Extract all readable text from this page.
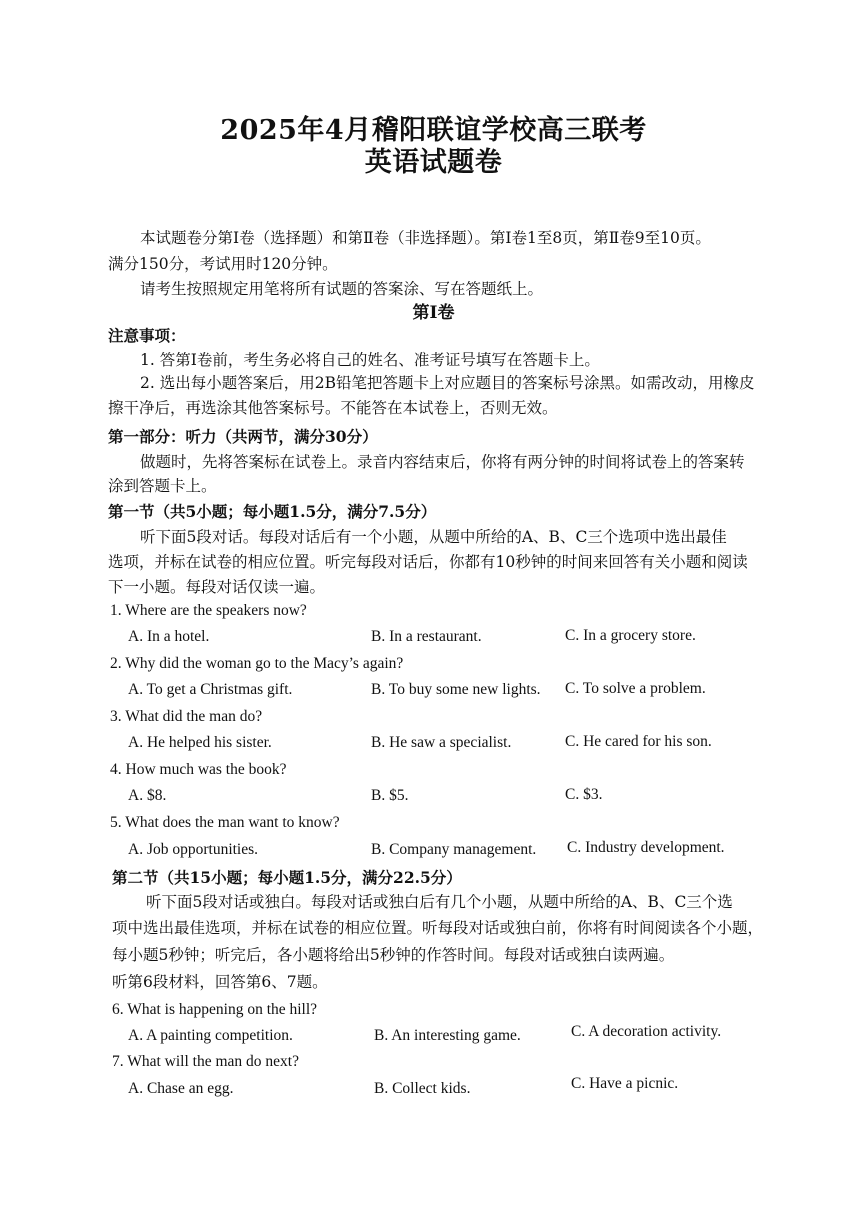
2025年4月稽阳联谊学校高三联考
英语试题卷
本试题卷分第Ⅰ卷（选择题）和第Ⅱ卷（非选择题）。第Ⅰ卷1至8页，第Ⅱ卷9至10页。
满分150分，考试用时120分钟。
请考生按照规定用笔将所有试题的答案涂、写在答题纸上。
第Ⅰ卷
注意事项：
1. 答第Ⅰ卷前，考生务必将自己的姓名、准考证号填写在答题卡上。
2. 选出每小题答案后，用2B铅笔把答题卡上对应题目的答案标号涂黑。如需改动，用橡皮
擦干净后，再选涂其他答案标号。不能答在本试卷上，否则无效。
第一部分：听力（共两节，满分30分）
做题时，先将答案标在试卷上。录音内容结束后，你将有两分钟的时间将试卷上的答案转
涂到答题卡上。
第一节（共5小题；每小题1.5分，满分7.5分）
听下面5段对话。每段对话后有一个小题，从题中所给的A、B、C三个选项中选出最佳
选项，并标在试卷的相应位置。听完每段对话后，你都有10秒钟的时间来回答有关小题和阅读
下一小题。每段对话仅读一遍。
1. Where are the speakers now?
A. In a hotel.	B. In a restaurant.	C. In a grocery store.
2. Why did the woman go to the Macy’s again?
A. To get a Christmas gift.	B. To buy some new lights. C. To solve a problem.
3. What did the man do?
A. He helped his sister.	B. He saw a specialist.	C. He cared for his son.
4. How much was the book?
A. $8.	B. $5.	C. $3.
5. What does the man want to know?
A. Job opportunities.	B. Company management. C. Industry development.
第二节（共15小题；每小题1.5分，满分22.5分）
听下面5段对话或独白。每段对话或独白后有几个小题，从题中所给的A、B、C三个选
项中选出最佳选项，并标在试卷的相应位置。听每段对话或独白前，你将有时间阅读各个小题，
每小题5秒钟；听完后，各小题将给出5秒钟的作答时间。每段对话或独白读两遍。
听第6段材料，回答第6、7题。
6. What is happening on the hill?
A. A painting competition.	B. An interesting game.	C. A decoration activity.
7. What will the man do next?
A. Chase an egg.	B. Collect kids.	C. Have a picnic.
